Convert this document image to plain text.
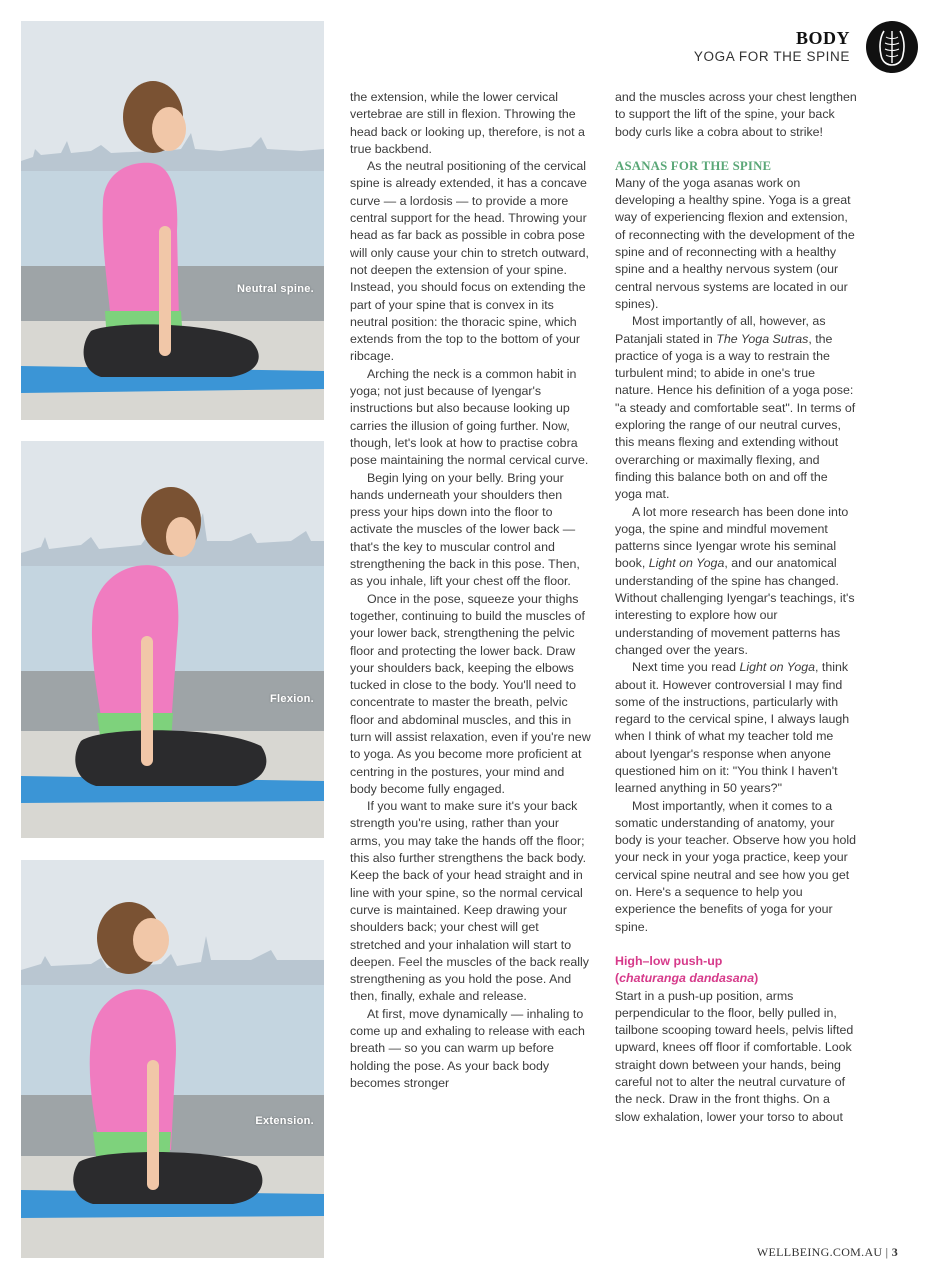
BODY
YOGA FOR THE SPINE
Neutral spine.
Flexion.
Extension.

the extension, while the lower cervical vertebrae are still in flexion. Throwing the head back or looking up, therefore, is not a true backbend.

As the neutral positioning of the cervical spine is already extended, it has a concave curve — a lordosis — to provide a more central support for the head. Throwing your head as far back as possible in cobra pose will only cause your chin to stretch outward, not deepen the extension of your spine. Instead, you should focus on extending the part of your spine that is convex in its neutral position: the thoracic spine, which extends from the top to the bottom of your ribcage.

Arching the neck is a common habit in yoga; not just because of Iyengar's instructions but also because looking up carries the illusion of going further. Now, though, let's look at how to practise cobra pose maintaining the normal cervical curve.

Begin lying on your belly. Bring your hands underneath your shoulders then press your hips down into the floor to activate the muscles of the lower back — that's the key to muscular control and strengthening the back in this pose. Then, as you inhale, lift your chest off the floor.

Once in the pose, squeeze your thighs together, continuing to build the muscles of your lower back, strengthening the pelvic floor and protecting the lower back. Draw your shoulders back, keeping the elbows tucked in close to the body. You'll need to concentrate to master the breath, pelvic floor and abdominal muscles, and this in turn will assist relaxation, even if you're new to yoga. As you become more proficient at centring in the postures, your mind and body become fully engaged.

If you want to make sure it's your back strength you're using, rather than your arms, you may take the hands off the floor; this also further strengthens the back body. Keep the back of your head straight and in line with your spine, so the normal cervical curve is maintained. Keep drawing your shoulders back; your chest will get stretched and your inhalation will start to deepen. Feel the muscles of the back really strengthening as you hold the pose. And then, finally, exhale and release.

At first, move dynamically — inhaling to come up and exhaling to release with each breath — so you can warm up before holding the pose. As your back body becomes stronger

and the muscles across your chest lengthen to support the lift of the spine, your back body curls like a cobra about to strike!

ASANAS FOR THE SPINE

Many of the yoga asanas work on developing a healthy spine. Yoga is a great way of experiencing flexion and extension, of reconnecting with the development of the spine and of reconnecting with a healthy spine and a healthy nervous system (our central nervous systems are located in our spines).

Most importantly of all, however, as Patanjali stated in The Yoga Sutras, the practice of yoga is a way to restrain the turbulent mind; to abide in one's true nature. Hence his definition of a yoga pose: "a steady and comfortable seat". In terms of exploring the range of our neutral curves, this means flexing and extending without overarching or maximally flexing, and finding this balance both on and off the yoga mat.

A lot more research has been done into yoga, the spine and mindful movement patterns since Iyengar wrote his seminal book, Light on Yoga, and our anatomical understanding of the spine has changed. Without challenging Iyengar's teachings, it's interesting to explore how our understanding of movement patterns has changed over the years.

Next time you read Light on Yoga, think about it. However controversial I may find some of the instructions, particularly with regard to the cervical spine, I always laugh when I think of what my teacher told me about Iyengar's response when anyone questioned him on it: "You think I haven't learned anything in 50 years?"

Most importantly, when it comes to a somatic understanding of anatomy, your body is your teacher. Observe how you hold your neck in your yoga practice, keep your cervical spine neutral and see how you get on. Here's a sequence to help you experience the benefits of yoga for your spine.

High–low push-up
(chaturanga dandasana)

Start in a push-up position, arms perpendicular to the floor, belly pulled in, tailbone scooping toward heels, pelvis lifted upward, knees off floor if comfortable. Look straight down between your hands, being careful not to alter the neutral curvature of the neck. Draw in the front thighs. On a slow exhalation, lower your torso to about

WELLBEING.COM.AU | 3
